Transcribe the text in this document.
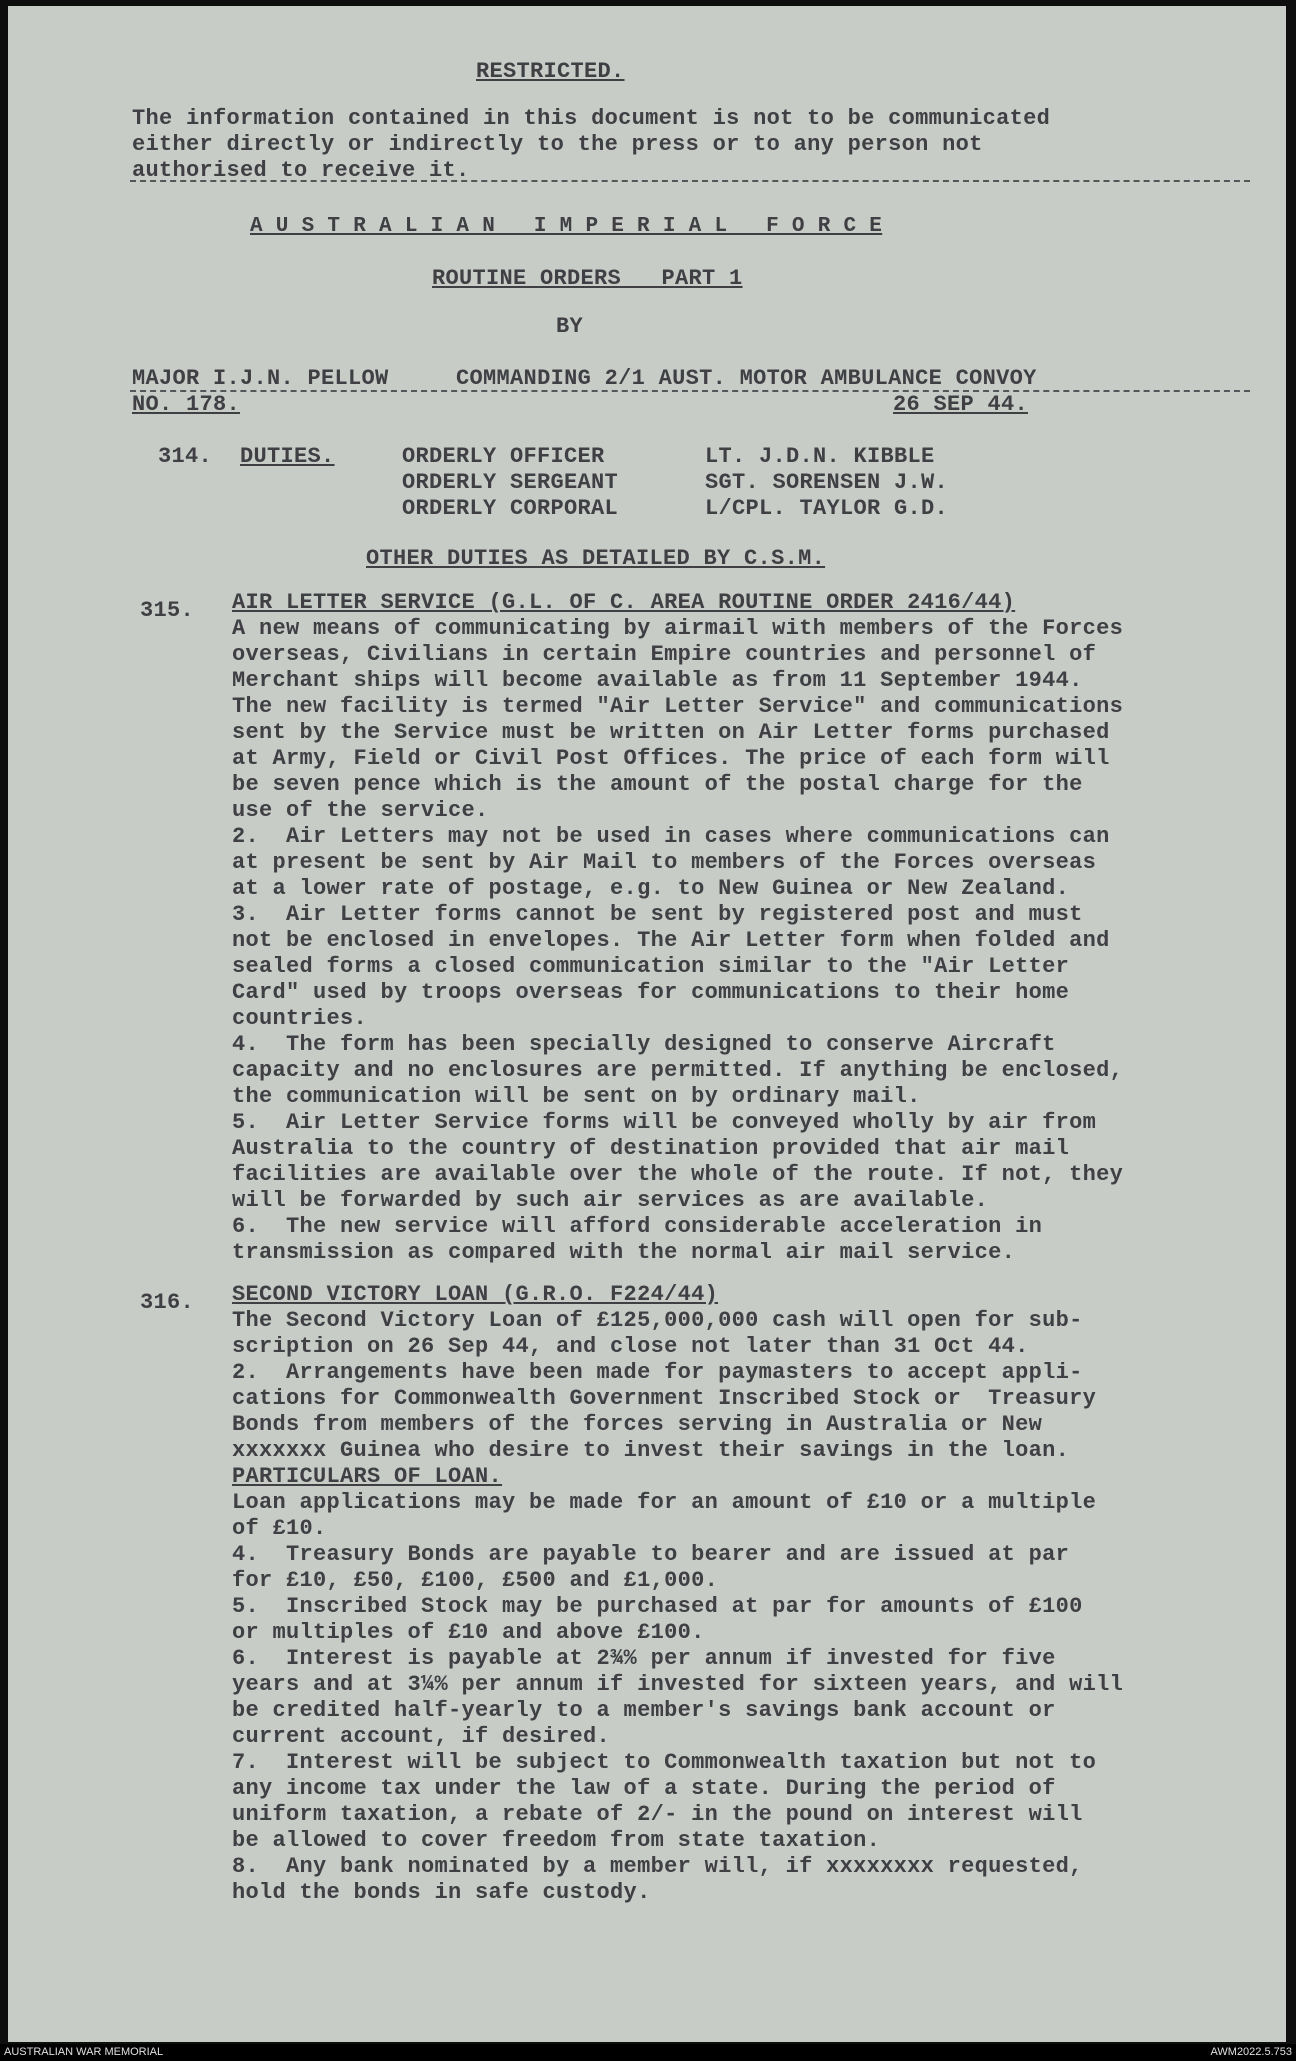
RESTRICTED.

The information contained in this document is not to be communicated

either directly or indirectly to the press or to any person not

authorised to receive it.

A U S T R A L I A N   I M P E R I A L   F O R C E

ROUTINE ORDERS   PART 1

BY

MAJOR I.J.N. PELLOW     COMMANDING 2/1 AUST. MOTOR AMBULANCE CONVOY

NO. 178.	26 SEP 44.

314. DUTIES.	ORDERLY OFFICER	LT. J.D.N. KIBBLE

ORDERLY SERGEANT	SGT. SORENSEN J.W.

ORDERLY CORPORAL	L/CPL. TAYLOR G.D.

OTHER DUTIES AS DETAILED BY C.S.M.

315. AIR LETTER SERVICE (G.L. OF C. AREA ROUTINE ORDER 2416/44)

A new means of communicating by airmail with members of the Forces

overseas, Civilians in certain Empire countries and personnel of

Merchant ships will become available as from 11 September 1944.

The new facility is termed "Air Letter Service" and communications

sent by the Service must be written on Air Letter forms purchased

at Army, Field or Civil Post Offices. The price of each form will

be seven pence which is the amount of the postal charge for the

use of the service.

2.  Air Letters may not be used in cases where communications can

at present be sent by Air Mail to members of the Forces overseas

at a lower rate of postage, e.g. to New Guinea or New Zealand.

3.  Air Letter forms cannot be sent by registered post and must

not be enclosed in envelopes. The Air Letter form when folded and

sealed forms a closed communication similar to the "Air Letter

Card" used by troops overseas for communications to their home

countries.

4.  The form has been specially designed to conserve Aircraft

capacity and no enclosures are permitted. If anything be enclosed,

the communication will be sent on by ordinary mail.

5.  Air Letter Service forms will be conveyed wholly by air from

Australia to the country of destination provided that air mail

facilities are available over the whole of the route. If not, they

will be forwarded by such air services as are available.

6.  The new service will afford considerable acceleration in

transmission as compared with the normal air mail service.

316. SECOND VICTORY LOAN (G.R.O. F224/44)

The Second Victory Loan of £125,000,000 cash will open for sub-

scription on 26 Sep 44, and close not later than 31 Oct 44.

2.  Arrangements have been made for paymasters to accept appli-

cations for Commonwealth Government Inscribed Stock or  Treasury

Bonds from members of the forces serving in Australia or New

xxxxxxx Guinea who desire to invest their savings in the loan.

PARTICULARS OF LOAN.

Loan applications may be made for an amount of £10 or a multiple

of £10.

4.  Treasury Bonds are payable to bearer and are issued at par

for £10, £50, £100, £500 and £1,000.

5.  Inscribed Stock may be purchased at par for amounts of £100

or multiples of £10 and above £100.

6.  Interest is payable at 2¾% per annum if invested for five

years and at 3¼% per annum if invested for sixteen years, and will

be credited half-yearly to a member's savings bank account or

current account, if desired.

7.  Interest will be subject to Commonwealth taxation but not to

any income tax under the law of a state. During the period of

uniform taxation, a rebate of 2/- in the pound on interest will

be allowed to cover freedom from state taxation.

8.  Any bank nominated by a member will, if xxxxxxxx requested,

hold the bonds in safe custody.

AUSTRALIAN WAR MEMORIAL	AWM2022.5.753
